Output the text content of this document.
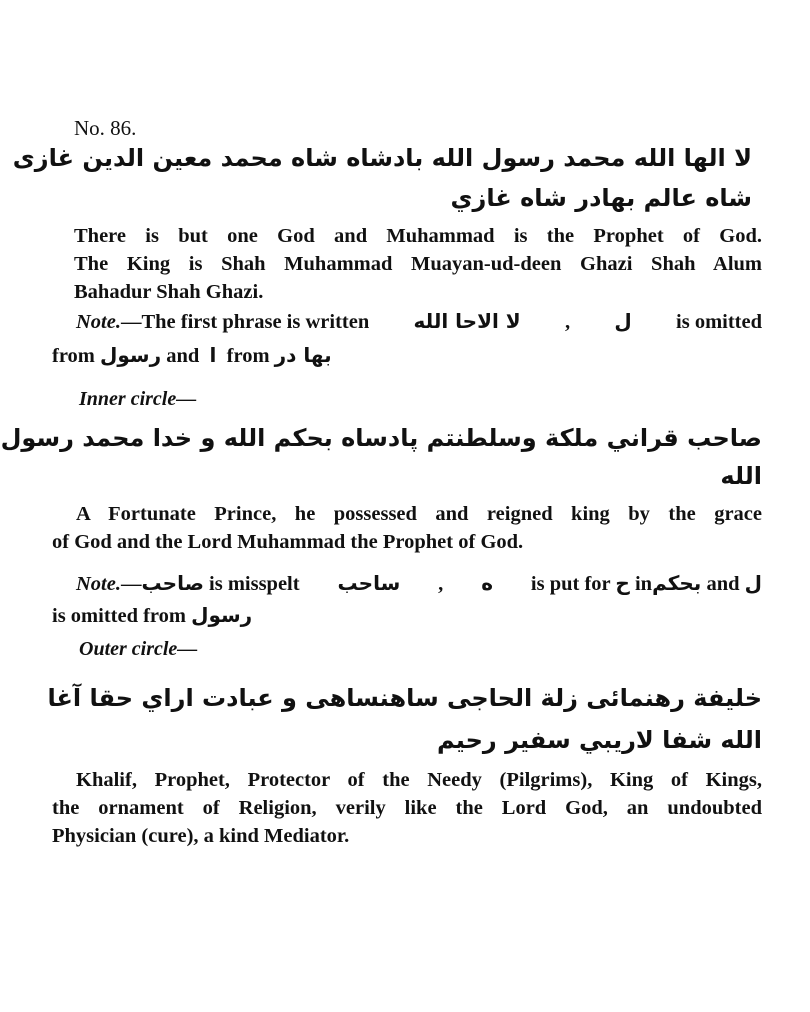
No. 86.
لا الها الله محمد رسول الله بادشاه شاه محمد معين الدين غازى
شاه عالم بهادر شاه غازي
There is but one God and Muhammad is the Prophet of God.
The King is Shah Muhammad Muayan-ud-deen Ghazi Shah Alum
Bahadur Shah Ghazi.
Note.—The first phrase is written لا الاحا الله , ل is omitted
from رسول and ا from بها در
Inner circle—
صاحب قراني ملكة وسلطنتم پادساه بحكم الله و خدا محمد رسول
الله
A Fortunate Prince, he possessed and reigned king by the grace
of God and the Lord Muhammad the Prophet of God.
Note.—صاحب is misspelt ساحب , ه is put for ح inبحكم and ل
is omitted from رسول
Outer circle—
خليفة رهنمائى زلة الحاجى ساهنساهى و عبادت اراي حقا آغا
الله شفا لاريبي سفير رحيم
Khalif, Prophet, Protector of the Needy (Pilgrims), King of Kings,
the ornament of Religion, verily like the Lord God, an undoubted
Physician (cure), a kind Mediator.
